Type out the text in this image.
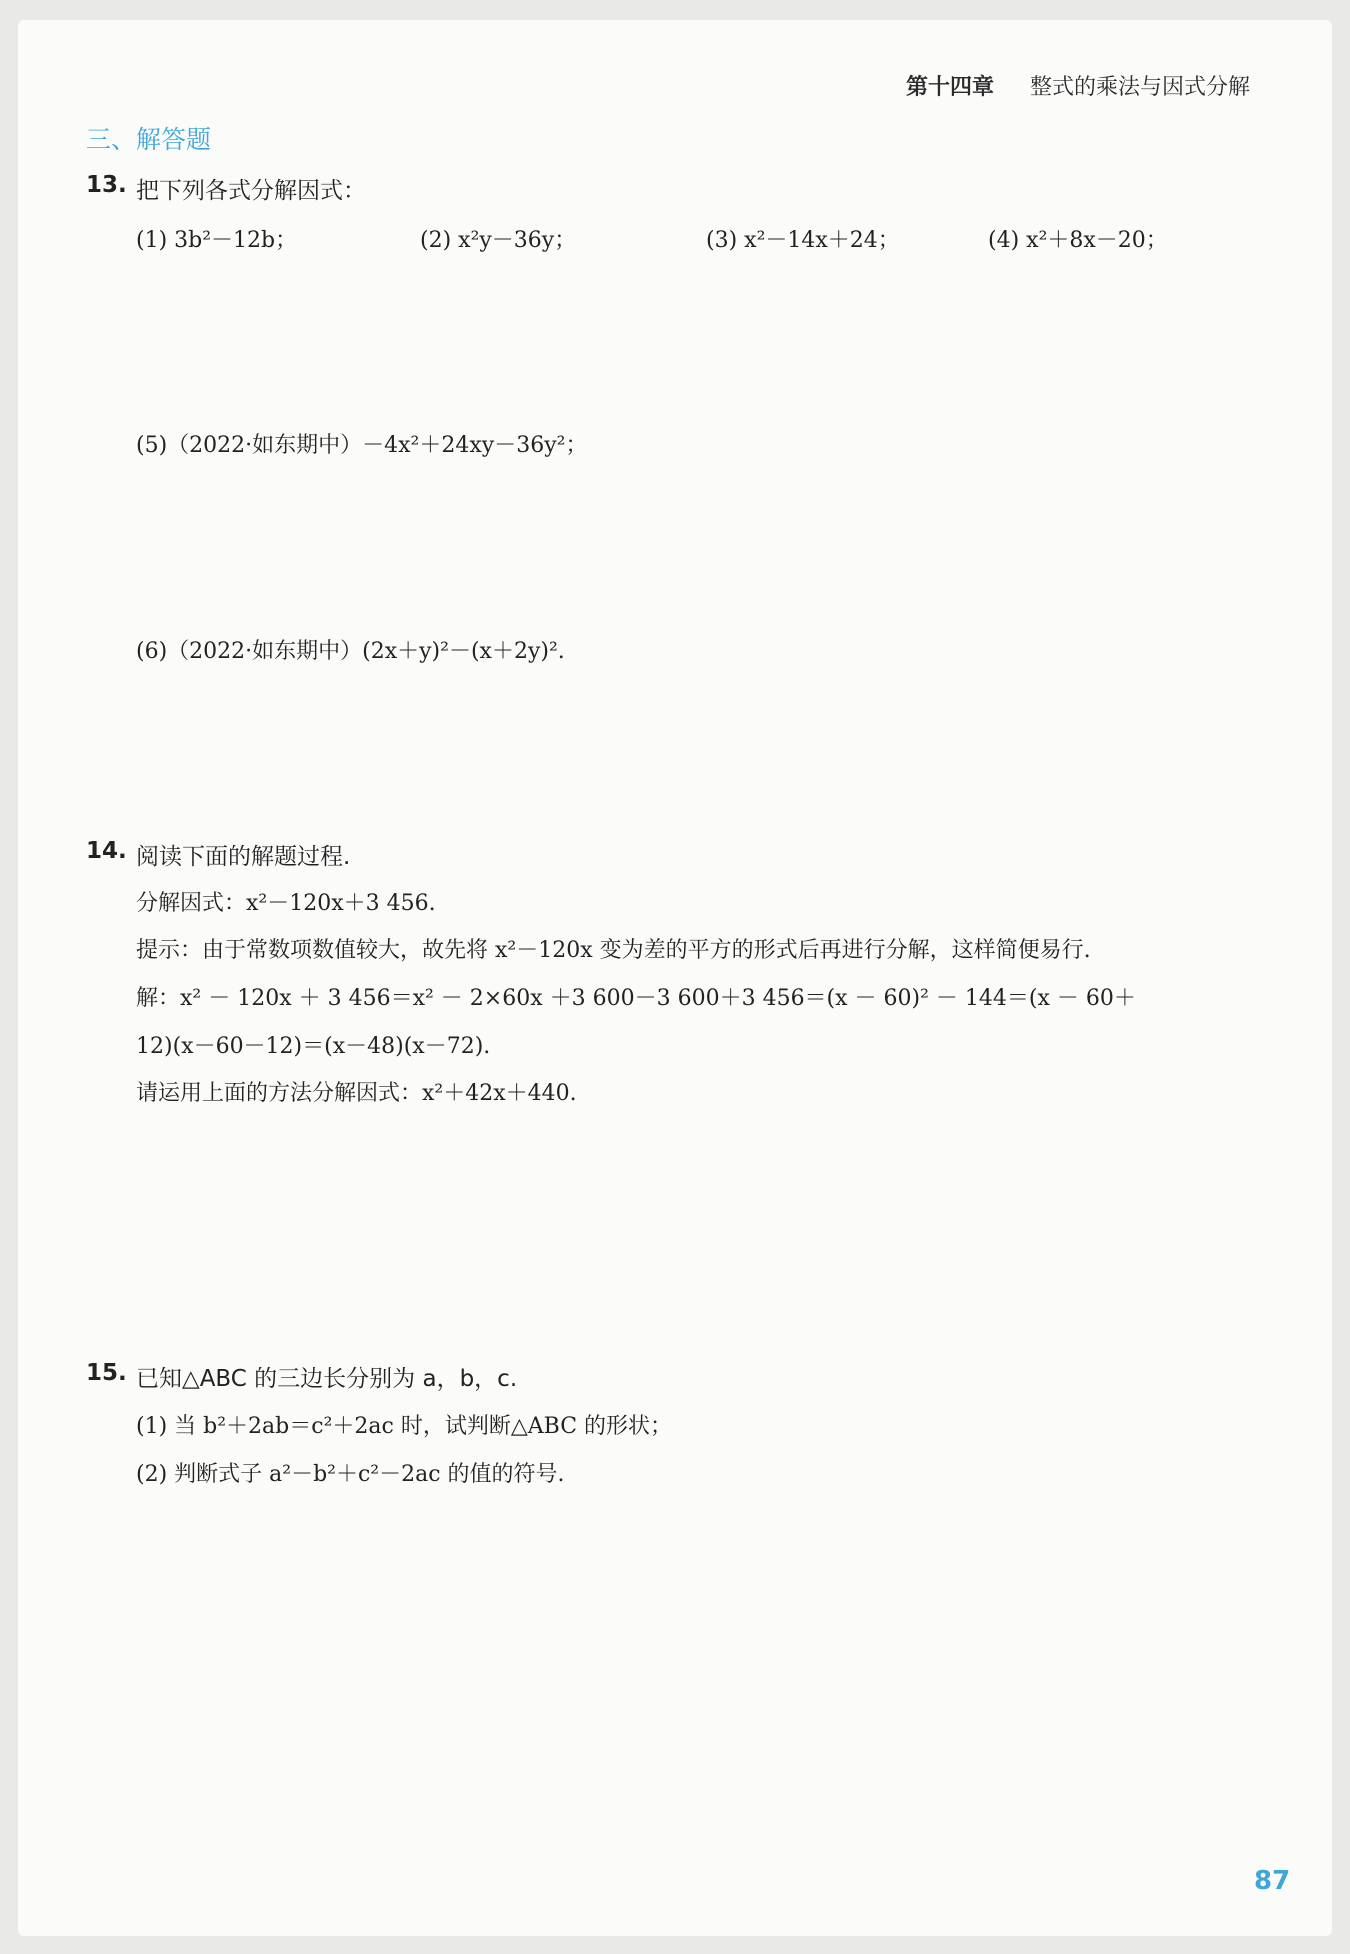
第十四章 整式的乘法与因式分解
三、解答题
13. 把下列各式分解因式：
(1) 3b²－12b；	(2) x²y－36y；	(3) x²－14x＋24；	(4) x²＋8x－20；
(5)（2022·如东期中）－4x²＋24xy－36y²；
(6)（2022·如东期中）(2x＋y)²－(x＋2y)².
14. 阅读下面的解题过程.
分解因式：x²－120x＋3 456.
提示：由于常数项数值较大，故先将 x²－120x 变为差的平方的形式后再进行分解，这样简便易行.
解：x² － 120x ＋ 3 456＝x² － 2×60x ＋3 600－3 600＋3 456＝(x － 60)² － 144＝(x － 60＋
12)(x－60－12)＝(x－48)(x－72).
请运用上面的方法分解因式：x²＋42x＋440.
15. 已知△ABC 的三边长分别为 a，b，c.
(1) 当 b²＋2ab＝c²＋2ac 时，试判断△ABC 的形状；
(2) 判断式子 a²－b²＋c²－2ac 的值的符号.
87
